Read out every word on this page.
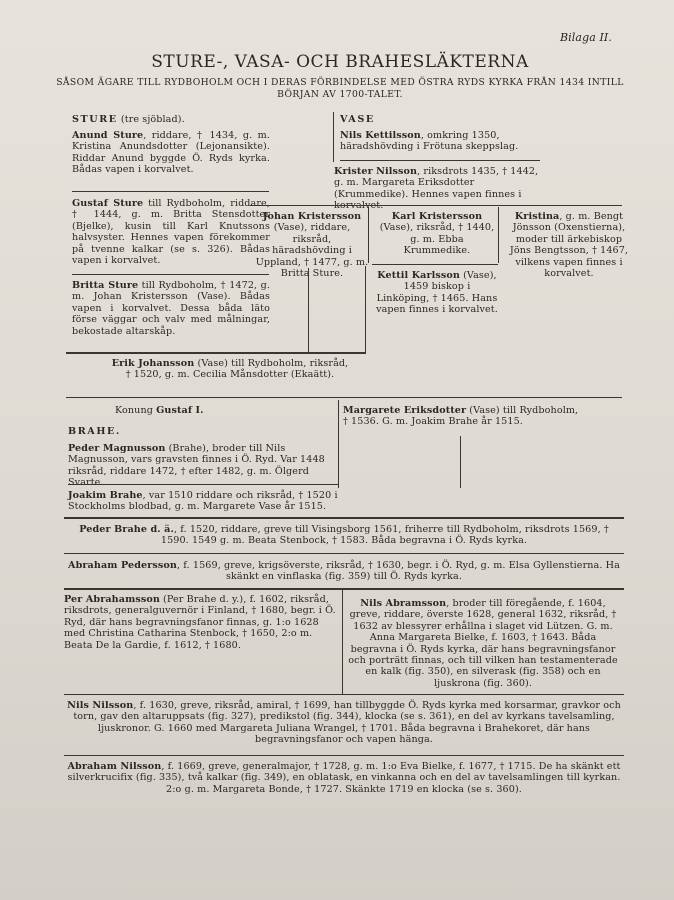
Bilaga II.
STURE-, VASA- OCH BRAHESLÄKTERNA
SÅSOM ÄGARE TILL RYDBOHOLM OCH I DERAS FÖRBINDELSE MED ÖSTRA RYDS KYRKA FRÅN 1434 INTILL BÖRJAN AV 1700-TALET.
STURE (tre sjöblad).
Anund Sture, riddare, † 1434, g. m. Kristina Anundsdotter (Lejonansikte). Riddar Anund byggde Ö. Ryds kyrka. Bådas vapen i korvalvet.
Gustaf Sture till Rydboholm, riddare, † 1444, g. m. Britta Stensdotter (Bjelke), kusin till Karl Knutssons halvsyster. Hennes vapen förekommer på tvenne kalkar (se s. 326). Bådas vapen i korvalvet.
Britta Sture till Rydboholm, † 1472, g. m. Johan Kristersson (Vase). Bådas vapen i korvalvet. Dessa båda läto förse väggar och valv med målningar, bekostade altarskåp.
VASE
Nils Kettilsson, omkring 1350, häradshövding i Frötuna skeppslag.
Krister Nilsson, riksdrots 1435, † 1442, g. m. Margareta Eriksdotter (Krummedike). Hennes vapen finnes i korvalvet.
Johan Kristersson (Vase), riddare, riksråd, häradshövding i Uppland, † 1477, g. m. Britta Sture.
Karl Kristersson (Vase), riksråd, † 1440, g. m. Ebba Krummedike.
Kristina, g. m. Bengt Jönsson (Oxenstierna), moder till ärkebiskop Jöns Bengtsson, † 1467, vilkens vapen finnes i korvalvet.
Kettil Karlsson (Vase), 1459 biskop i Linköping, † 1465. Hans vapen finnes i korvalvet.
Erik Johansson (Vase) till Rydboholm, riksråd, † 1520, g. m. Cecilia Månsdotter (Ekaätt).
Konung Gustaf I.	Margarete Eriksdotter (Vase) till Rydboholm, † 1536. G. m. Joakim Brahe år 1515.
BRAHE.
Peder Magnusson (Brahe), broder till Nils Magnusson, vars gravsten finnes i Ö. Ryd. Var 1448 riksråd, riddare 1472, † efter 1482, g. m. Ölgerd Svarte.
Joakim Brahe, var 1510 riddare och riksråd, † 1520 i Stockholms blodbad, g. m. Margarete Vase år 1515.
Peder Brahe d. ä., f. 1520, riddare, greve till Visingsborg 1561, friherre till Rydboholm, riksdrots 1569, † 1590. 1549 g. m. Beata Stenbock, † 1583. Båda begravna i Ö. Ryds kyrka.
Abraham Pedersson, f. 1569, greve, krigsöverste, riksråd, † 1630, begr. i Ö. Ryd, g. m. Elsa Gyllenstierna. Ha skänkt en vinflaska (fig. 359) till Ö. Ryds kyrka.
Per Abrahamsson (Per Brahe d. y.), f. 1602, riksråd, riksdrots, generalguvernör i Finland, † 1680, begr. i Ö. Ryd, där hans begravningsfanor finnas, g. 1:o 1628 med Christina Catharina Stenbock, † 1650, 2:o m. Beata De la Gardie, f. 1612, † 1680.
Nils Abramsson, broder till föregående, f. 1604, greve, riddare, överste 1628, general 1632, riksråd, † 1632 av blessyrer erhållna i slaget vid Lützen. G. m. Anna Margareta Bielke, f. 1603, † 1643. Båda begravna i Ö. Ryds kyrka, där hans begravningsfanor och porträtt finnas, och till vilken han testamenterade en kalk (fig. 350), en silverask (fig. 358) och en ljuskrona (fig. 360).
Nils Nilsson, f. 1630, greve, riksråd, amiral, † 1699, han tillbyggde Ö. Ryds kyrka med korsarmar, gravkor och torn, gav den altaruppsats (fig. 327), predikstol (fig. 344), klocka (se s. 361), en del av kyrkans tavelsamling, ljuskronor. G. 1660 med Margareta Juliana Wrangel, † 1701. Båda begravna i Brahekoret, där hans begravningsfanor och vapen hänga.
Abraham Nilsson, f. 1669, greve, generalmajor, † 1728, g. m. 1:o Eva Bielke, f. 1677, † 1715. De ha skänkt ett silverkrucifix (fig. 335), två kalkar (fig. 349), en oblatask, en vinkanna och en del av tavelsamlingen till kyrkan. 2:o g. m. Margareta Bonde, † 1727. Skänkte 1719 en klocka (se s. 360).
